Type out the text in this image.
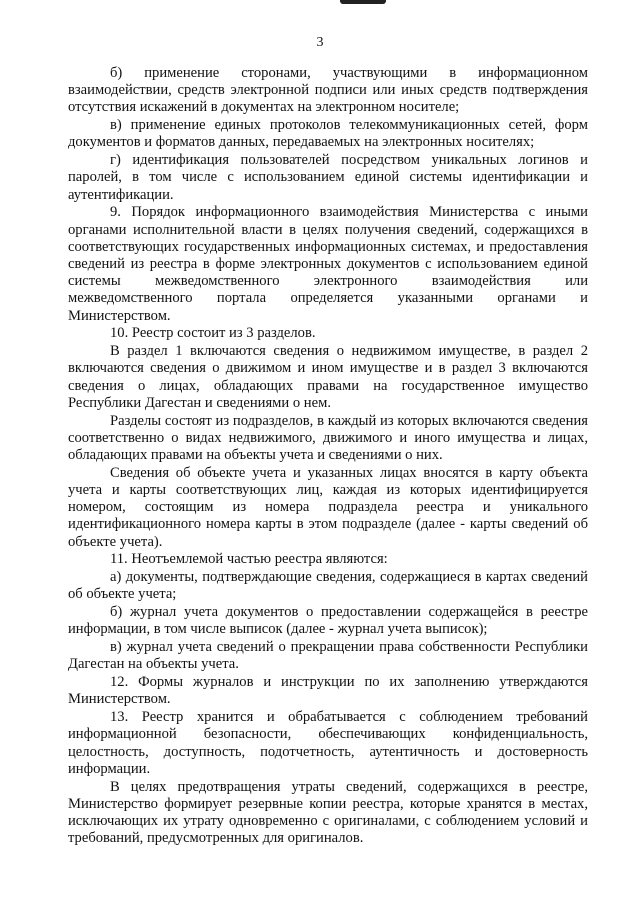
3

б) применение сторонами, участвующими в информационном взаимодействии, средств электронной подписи или иных средств подтверждения отсутствия искажений в документах на электронном носителе;

в) применение единых протоколов телекоммуникационных сетей, форм документов и форматов данных, передаваемых на электронных носителях;

г) идентификация пользователей посредством уникальных логинов и паролей, в том числе с использованием единой системы идентификации и аутентификации.

9. Порядок информационного взаимодействия Министерства с иными органами исполнительной власти в целях получения сведений, содержащихся в соответствующих государственных информационных системах, и предоставления сведений из реестра в форме электронных документов с использованием единой системы межведомственного электронного взаимодействия или межведомственного портала определяется указанными органами и Министерством.

10. Реестр состоит из 3 разделов.

В раздел 1 включаются сведения о недвижимом имуществе, в раздел 2 включаются сведения о движимом и ином имуществе и в раздел 3 включаются сведения о лицах, обладающих правами на государственное имущество Республики Дагестан и сведениями о нем.

Разделы состоят из подразделов, в каждый из которых включаются сведения соответственно о видах недвижимого, движимого и иного имущества и лицах, обладающих правами на объекты учета и сведениями о них.

Сведения об объекте учета и указанных лицах вносятся в карту объекта учета и карты соответствующих лиц, каждая из которых идентифицируется номером, состоящим из номера подраздела реестра и уникального идентификационного номера карты в этом подразделе (далее - карты сведений об объекте учета).

11. Неотъемлемой частью реестра являются:

а) документы, подтверждающие сведения, содержащиеся в картах сведений об объекте учета;

б) журнал учета документов о предоставлении содержащейся в реестре информации, в том числе выписок (далее - журнал учета выписок);

в) журнал учета сведений о прекращении права собственности Республики Дагестан на объекты учета.

12. Формы журналов и инструкции по их заполнению утверждаются Министерством.

13. Реестр хранится и обрабатывается с соблюдением требований информационной безопасности, обеспечивающих конфиденциальность, целостность, доступность, подотчетность, аутентичность и достоверность информации.

В целях предотвращения утраты сведений, содержащихся в реестре, Министерство формирует резервные копии реестра, которые хранятся в местах, исключающих их утрату одновременно с оригиналами, с соблюдением условий и требований, предусмотренных для оригиналов.
